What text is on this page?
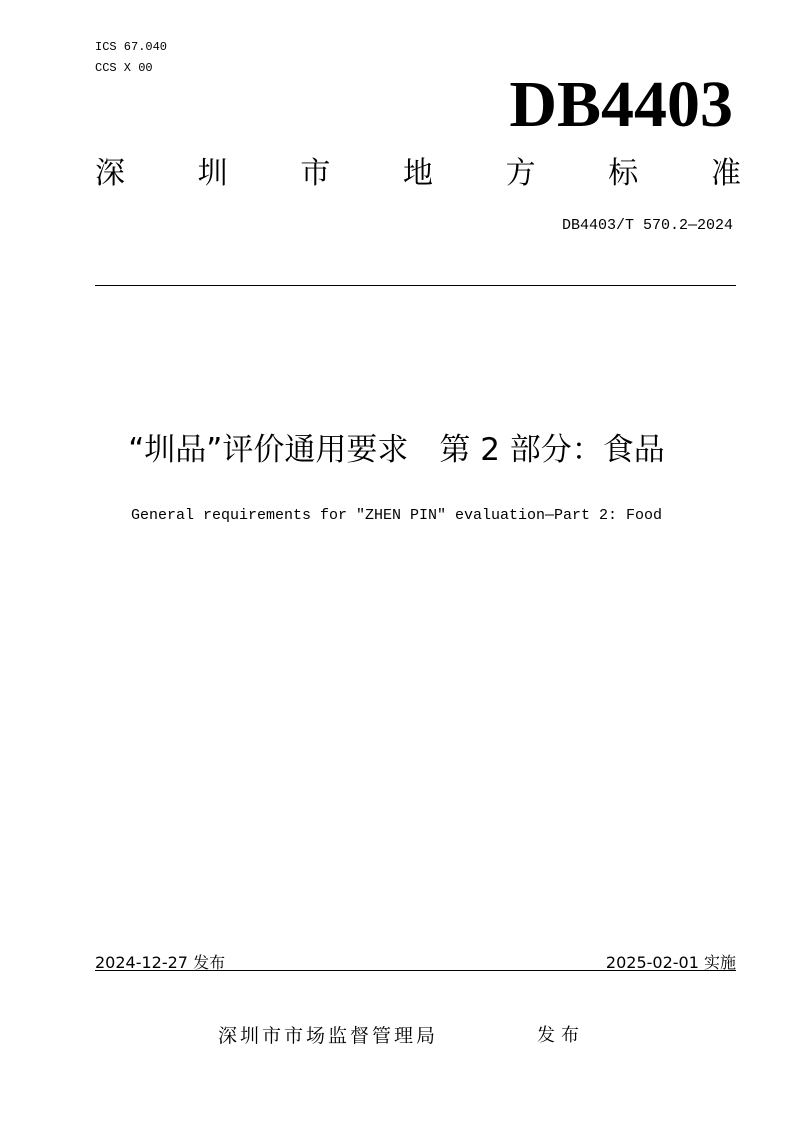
ICS 67.040
CCS X 00	DB4403
深 圳 市 地 方 标 准
DB4403/T 570.2—2024
“圳品”评价通用要求　第 2 部分：食品
General requirements for "ZHEN PIN" evaluation—Part 2: Food
2024-12-27 发布	2025-02-01 实施
深圳市市场监督管理局	发布
